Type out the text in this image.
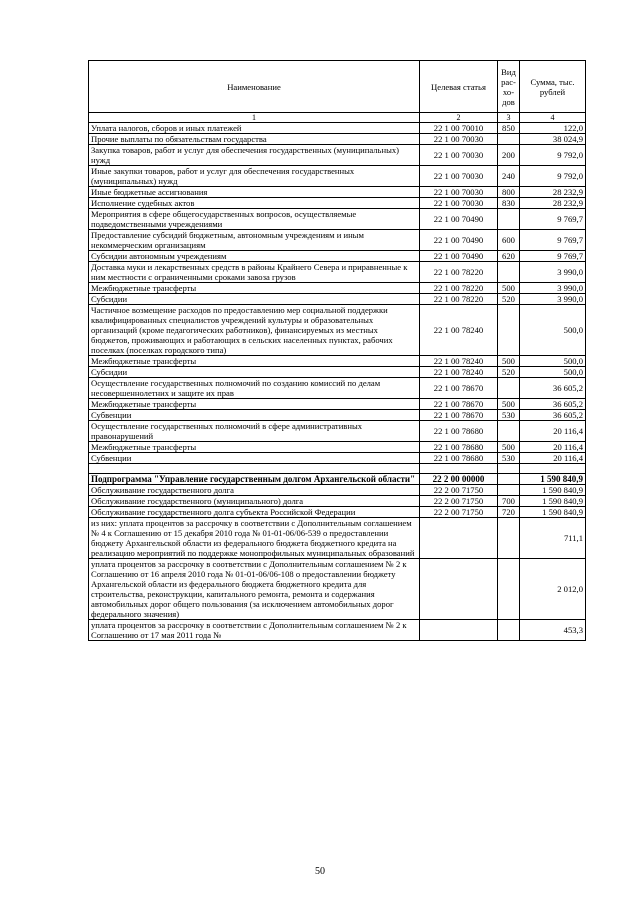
Наименование	Целевая статья	Вид рас-хо-дов	Сумма, тыс. рублей
1	2	3	4
Уплата налогов, сборов и иных платежей	22 1 00 70010	850	122,0
Прочие выплаты по обязательствам государства	22 1 00 70030		38 024,9
Закупка товаров, работ и услуг для обеспечения государственных (муниципальных) нужд	22 1 00 70030	200	9 792,0
Иные закупки товаров, работ и услуг для обеспечения государственных (муниципальных) нужд	22 1 00 70030	240	9 792,0
Иные бюджетные ассигнования	22 1 00 70030	800	28 232,9
Исполнение судебных актов	22 1 00 70030	830	28 232,9
Мероприятия в сфере общегосударственных вопросов, осуществляемые подведомственными учреждениями	22 1 00 70490		9 769,7
Предоставление субсидий бюджетным, автономным учреждениям и иным некоммерческим организациям	22 1 00 70490	600	9 769,7
Субсидии автономным учреждениям	22 1 00 70490	620	9 769,7
Доставка муки и лекарственных средств в районы Крайнего Севера и приравненные к ним местности с ограниченными сроками завоза грузов	22 1 00 78220		3 990,0
Межбюджетные трансферты	22 1 00 78220	500	3 990,0
Субсидии	22 1 00 78220	520	3 990,0
Частичное возмещение расходов по предоставлению мер социальной поддержки квалифицированных специалистов учреждений культуры и образовательных организаций (кроме педагогических работников), финансируемых из местных бюджетов, проживающих и работающих в сельских населенных пунктах, рабочих поселках (поселках городского типа)	22 1 00 78240		500,0
Межбюджетные трансферты	22 1 00 78240	500	500,0
Субсидии	22 1 00 78240	520	500,0
Осуществление государственных полномочий по созданию комиссий по делам несовершеннолетних и защите их прав	22 1 00 78670		36 605,2
Межбюджетные трансферты	22 1 00 78670	500	36 605,2
Субвенции	22 1 00 78670	530	36 605,2
Осуществление государственных полномочий в сфере административных правонарушений	22 1 00 78680		20 116,4
Межбюджетные трансферты	22 1 00 78680	500	20 116,4
Субвенции	22 1 00 78680	530	20 116,4

Подпрограмма "Управление государственным долгом Архангельской области"	22 2 00 00000		1 590 840,9
Обслуживание государственного долга	22 2 00 71750		1 590 840,9
Обслуживание государственного (муниципального) долга	22 2 00 71750	700	1 590 840,9
Обслуживание государственного долга субъекта Российской Федерации	22 2 00 71750	720	1 590 840,9
из них: уплата процентов за рассрочку в соответствии с Дополнительным соглашением № 4 к Соглашению от 15 декабря 2010 года № 01-01-06/06-539 о предоставлении бюджету Архангельской области из федерального бюджета бюджетного кредита на реализацию мероприятий по поддержке монопрофильных муниципальных образований			711,1
уплата процентов за рассрочку в соответствии с Дополнительным соглашением № 2 к Соглашению от 16 апреля 2010 года № 01-01-06/06-108 о предоставлении бюджету Архангельской области из федерального бюджета бюджетного кредита для строительства, реконструкции, капитального ремонта, ремонта и содержания автомобильных дорог общего пользования (за исключением автомобильных дорог федерального значения)			2 012,0
уплата процентов за рассрочку в соответствии с Дополнительным соглашением № 2 к Соглашению от 17 мая 2011 года №			453,3
50
